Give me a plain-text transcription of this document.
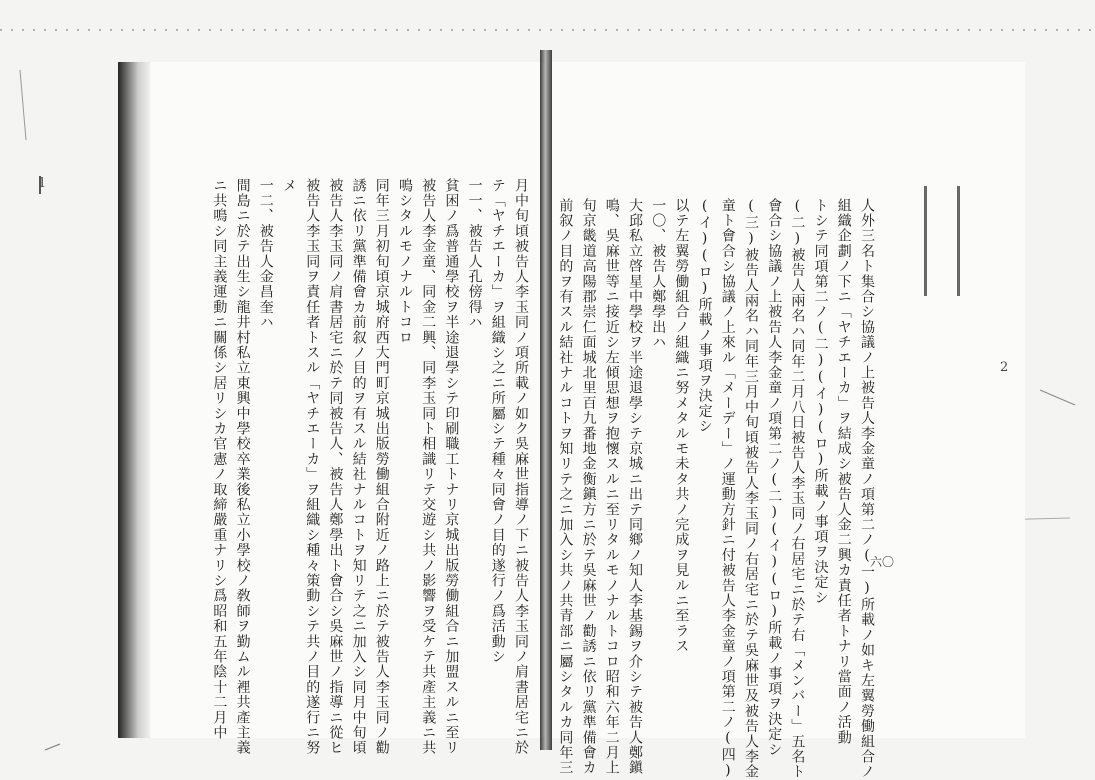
人外三名ト集合シ協議ノ上被告人李金童ノ項第二ノ(一)所載ノ如キ左翼勞働組合ノ
組織企劃ノ下ニ「ヤチエーカ」ヲ結成シ被告人金二興カ責任者トナリ當面ノ活動
トシテ同項第二ノ(二)(イ)(ロ)所載ノ事項ヲ決定シ
(二)被告人兩名ハ同年二月八日被告人李玉同ノ右居宅ニ於テ右「メンバー」五名ト
會合シ協議ノ上被告人李金童ノ項第二ノ(二)(イ)(ロ)所載ノ事項ヲ決定シ
(三)被告人兩名ハ同年三月中旬頃被告人李玉同ノ右居宅ニ於テ吳麻世及被告人李金
童ト會合シ協議ノ上來ル「メーデー」ノ運動方針ニ付被告人李金童ノ項第二ノ(四)
(イ)(ロ)所載ノ事項ヲ決定シ
以テ左翼勞働組合ノ組織ニ努メタルモ未タ共ノ完成ヲ見ルニ至ラス
一〇、被告人鄭學出ハ
大邱私立啓星中學校ヲ半途退學シテ京城ニ出テ同鄉ノ知人李基錫ヲ介シテ被告人鄭鎭
鳴、吳麻世等ニ接近シ左傾思想ヲ抱懷スルニ至リタルモノナルトコロ昭和六年二月上
旬京畿道高陽郡崇仁面城北里百九番地金衡鎭方ニ於テ吳麻世ノ勸誘ニ依リ黨準備會カ
前叙ノ目的ヲ有スル結社ナルコトヲ知リテ之ニ加入シ共ノ共青部ニ屬シタルカ同年三
月中旬頃被告人李玉同ノ項所載ノ如ク吳麻世指導ノ下ニ被告人李玉同ノ肩書居宅ニ於
テ「ヤチエーカ」ヲ組織シ之ニ所屬シテ種々同會ノ目的遂行ノ爲活動シ
一一、被告人孔傍得ハ
貧困ノ爲普通學校ヲ半途退學シテ印刷職工トナリ京城出版勞働組合ニ加盟スルニ至リ
被告人李金童、同金二興、同李玉同ト相識リテ交遊シ共ノ影響ヲ受ケテ共產主義ニ共
鳴シタルモノナルトコロ
同年三月初旬頃京城府西大門町京城出版勞働組合附近ノ路上ニ於テ被告人李玉同ノ勸
誘ニ依リ黨準備會カ前叙ノ目的ヲ有スル結社ナルコトヲ知リテ之ニ加入シ同月中旬頃
被告人李玉同ノ肩書居宅ニ於テ同被告人、被告人鄭學出ト會合シ吳麻世ノ指導ニ從ヒ
被告人李玉同ヲ責任者トスル「ヤチエーカ」ヲ組織シ種々策動シテ共ノ目的遂行ニ努
メ
一二、被告人金昌奎ハ
間島ニ於テ出生シ龍井村私立東興中學校卒業後私立小學校ノ敎師ヲ勤ムル裡共產主義
ニ共鳴シ同主義運動ニ關係シ居リシカ官憲ノ取締嚴重ナリシ爲昭和五年陰十二月中	六〇
2
1
